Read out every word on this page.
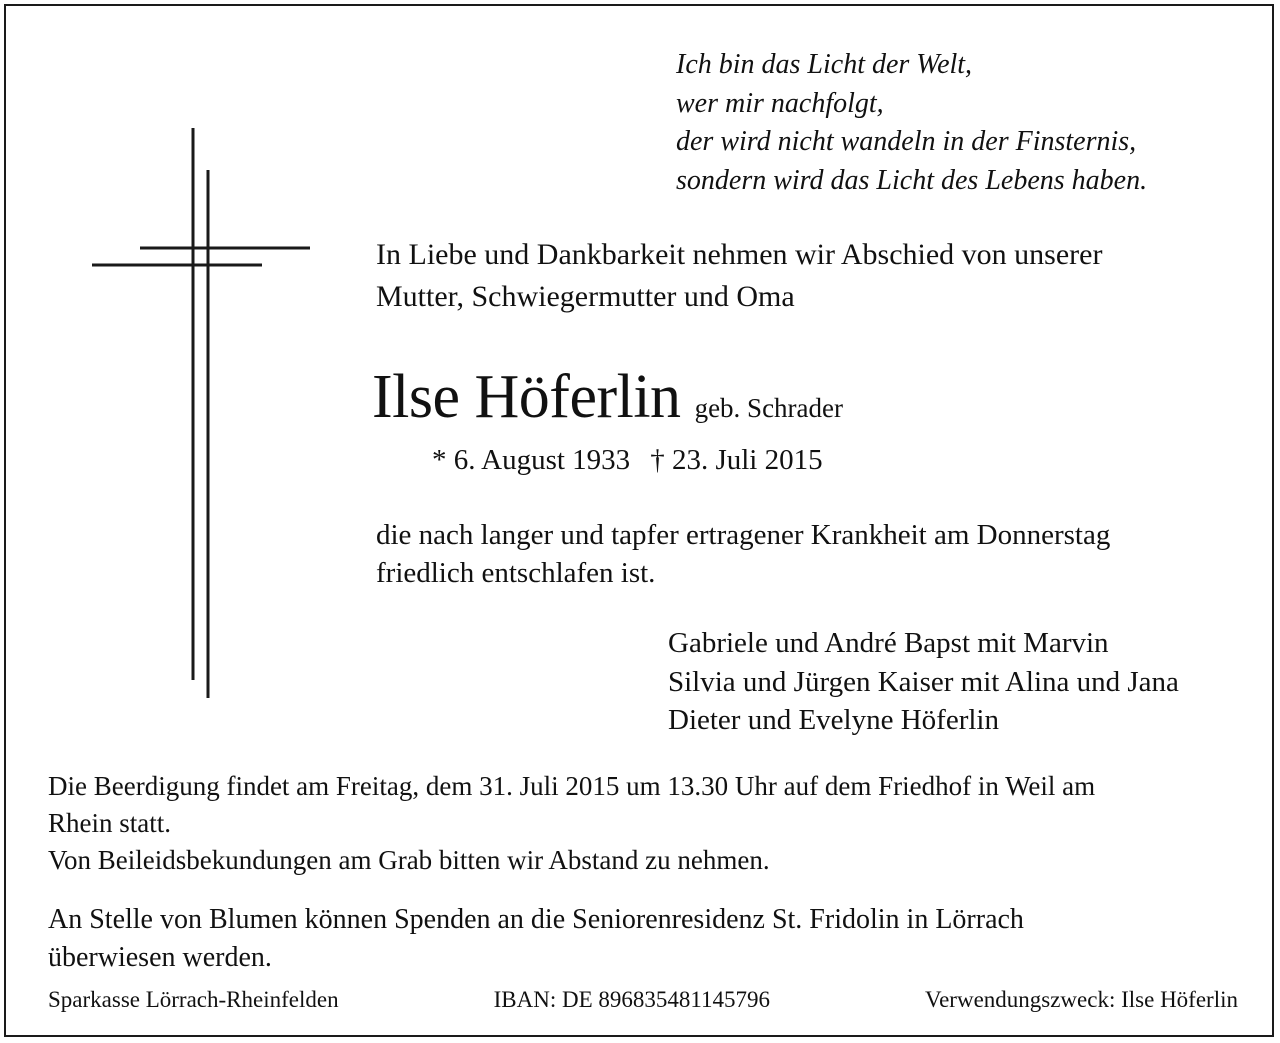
Ich bin das Licht der Welt,
wer mir nachfolgt,
der wird nicht wandeln in der Finsternis,
sondern wird das Licht des Lebens haben.
In Liebe und Dankbarkeit nehmen wir Abschied von unserer
Mutter, Schwiegermutter und Oma
Ilse Höferlin geb. Schrader
* 6. August 1933 † 23. Juli 2015
die nach langer und tapfer ertragener Krankheit am Donnerstag
friedlich entschlafen ist.
Gabriele und André Bapst mit Marvin
Silvia und Jürgen Kaiser mit Alina und Jana
Dieter und Evelyne Höferlin
Die Beerdigung findet am Freitag, dem 31. Juli 2015 um 13.30 Uhr auf dem Friedhof in Weil am
Rhein statt.
Von Beileidsbekundungen am Grab bitten wir Abstand zu nehmen.
An Stelle von Blumen können Spenden an die Seniorenresidenz St. Fridolin in Lörrach
überwiesen werden.
Sparkasse Lörrach-Rheinfelden	IBAN: DE 896835481145796	Verwendungszweck: Ilse Höferlin
